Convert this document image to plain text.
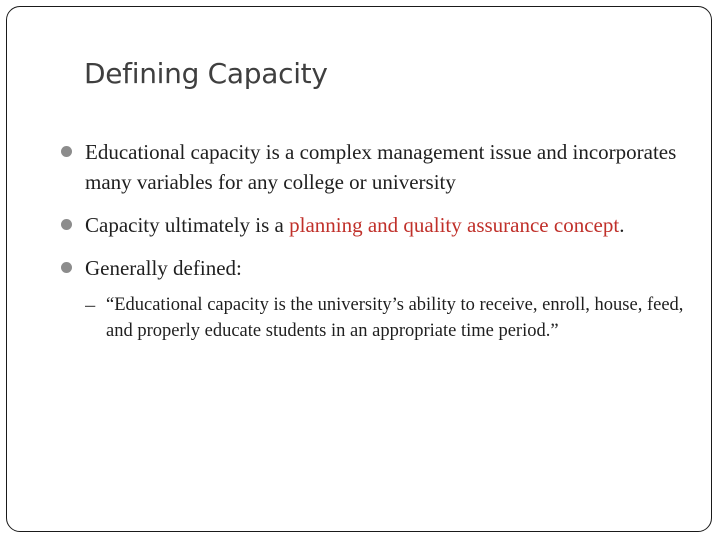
Defining Capacity
Educational capacity is a complex management issue and incorporates many variables for any college or university
Capacity ultimately is a planning and quality assurance concept.
Generally defined:
– “Educational capacity is the university’s ability to receive, enroll, house, feed, and properly educate students in an appropriate time period.”
